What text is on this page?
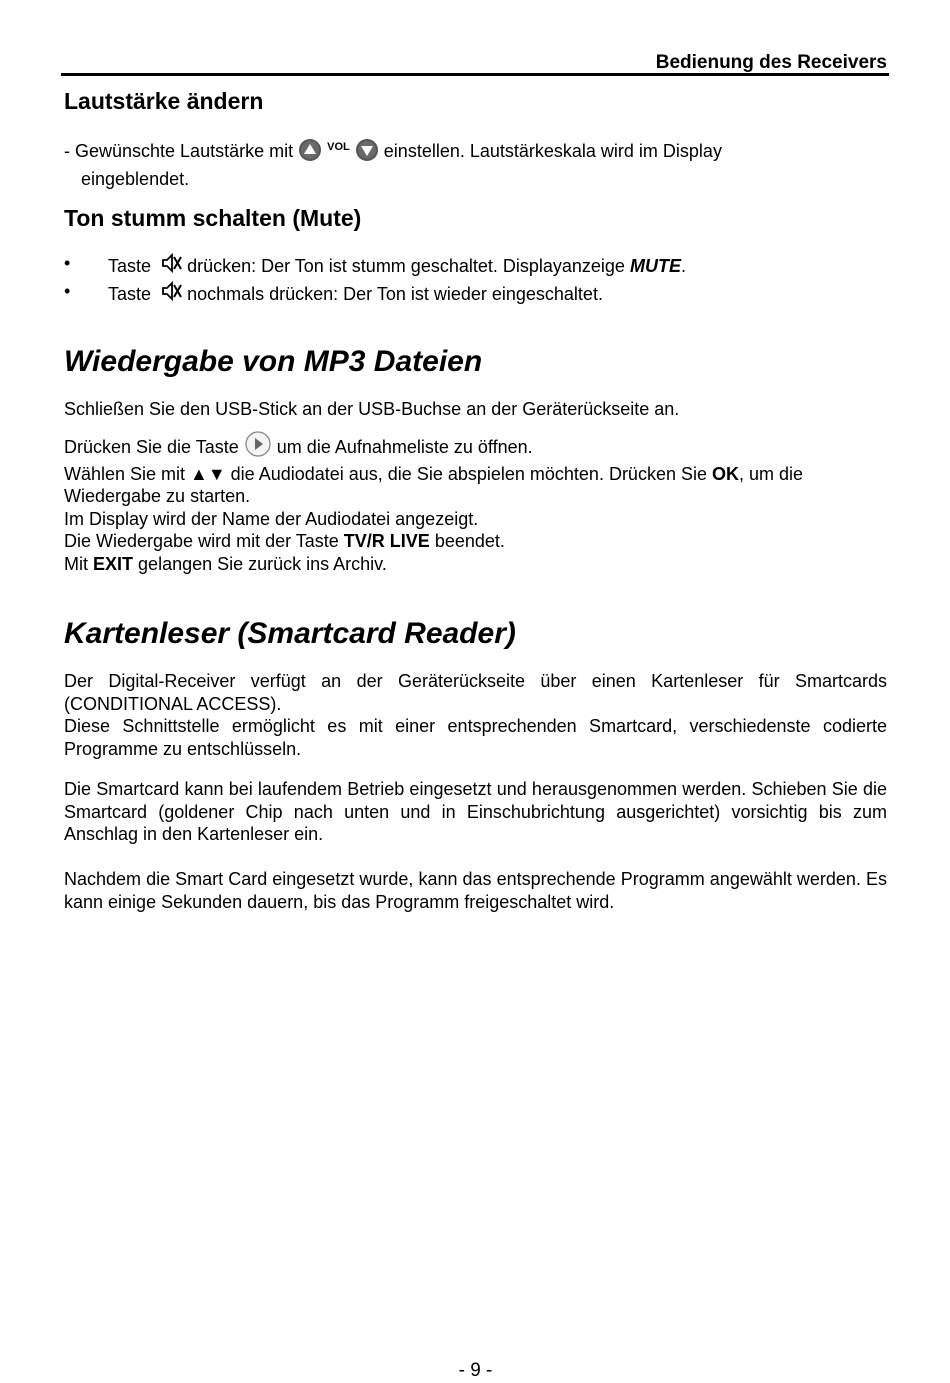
Bedienung des Receivers
Lautstärke ändern
- Gewünschte Lautstärke mit	$^{VOL}$ einstellen. Lautstärkeskala wird im Display
eingeblendet.
Ton stumm schalten (Mute)
• Taste drücken: Der Ton ist stumm geschaltet. Displayanzeige MUTE.
• Taste nochmals drücken: Der Ton ist wieder eingeschaltet.
Wiedergabe von MP3 Dateien
Schließen Sie den USB-Stick an der USB-Buchse an der Geräterückseite an.
Drücken Sie die Taste um die Aufnahmeliste zu öffnen.
Wählen Sie mit ▲▼ die Audiodatei aus, die Sie abspielen möchten. Drücken Sie OK, um die
Wiedergabe zu starten.
Im Display wird der Name der Audiodatei angezeigt.
Die Wiedergabe wird mit der Taste TV/R LIVE beendet.
Mit EXIT gelangen Sie zurück ins Archiv.
Kartenleser (Smartcard Reader)
Der Digital-Receiver verfügt an der Geräterückseite über einen Kartenleser für Smartcards (CONDITIONAL ACCESS).
Diese Schnittstelle ermöglicht es mit einer entsprechenden Smartcard, verschiedenste codierte Programme zu entschlüsseln.
Die Smartcard kann bei laufendem Betrieb eingesetzt und herausgenommen werden. Schieben Sie die Smartcard (goldener Chip nach unten und in Einschubrichtung ausgerichtet) vorsichtig bis zum Anschlag in den Kartenleser ein.
Nachdem die Smart Card eingesetzt wurde, kann das entsprechende Programm angewählt werden. Es kann einige Sekunden dauern, bis das Programm freigeschaltet wird.
- 9 -
